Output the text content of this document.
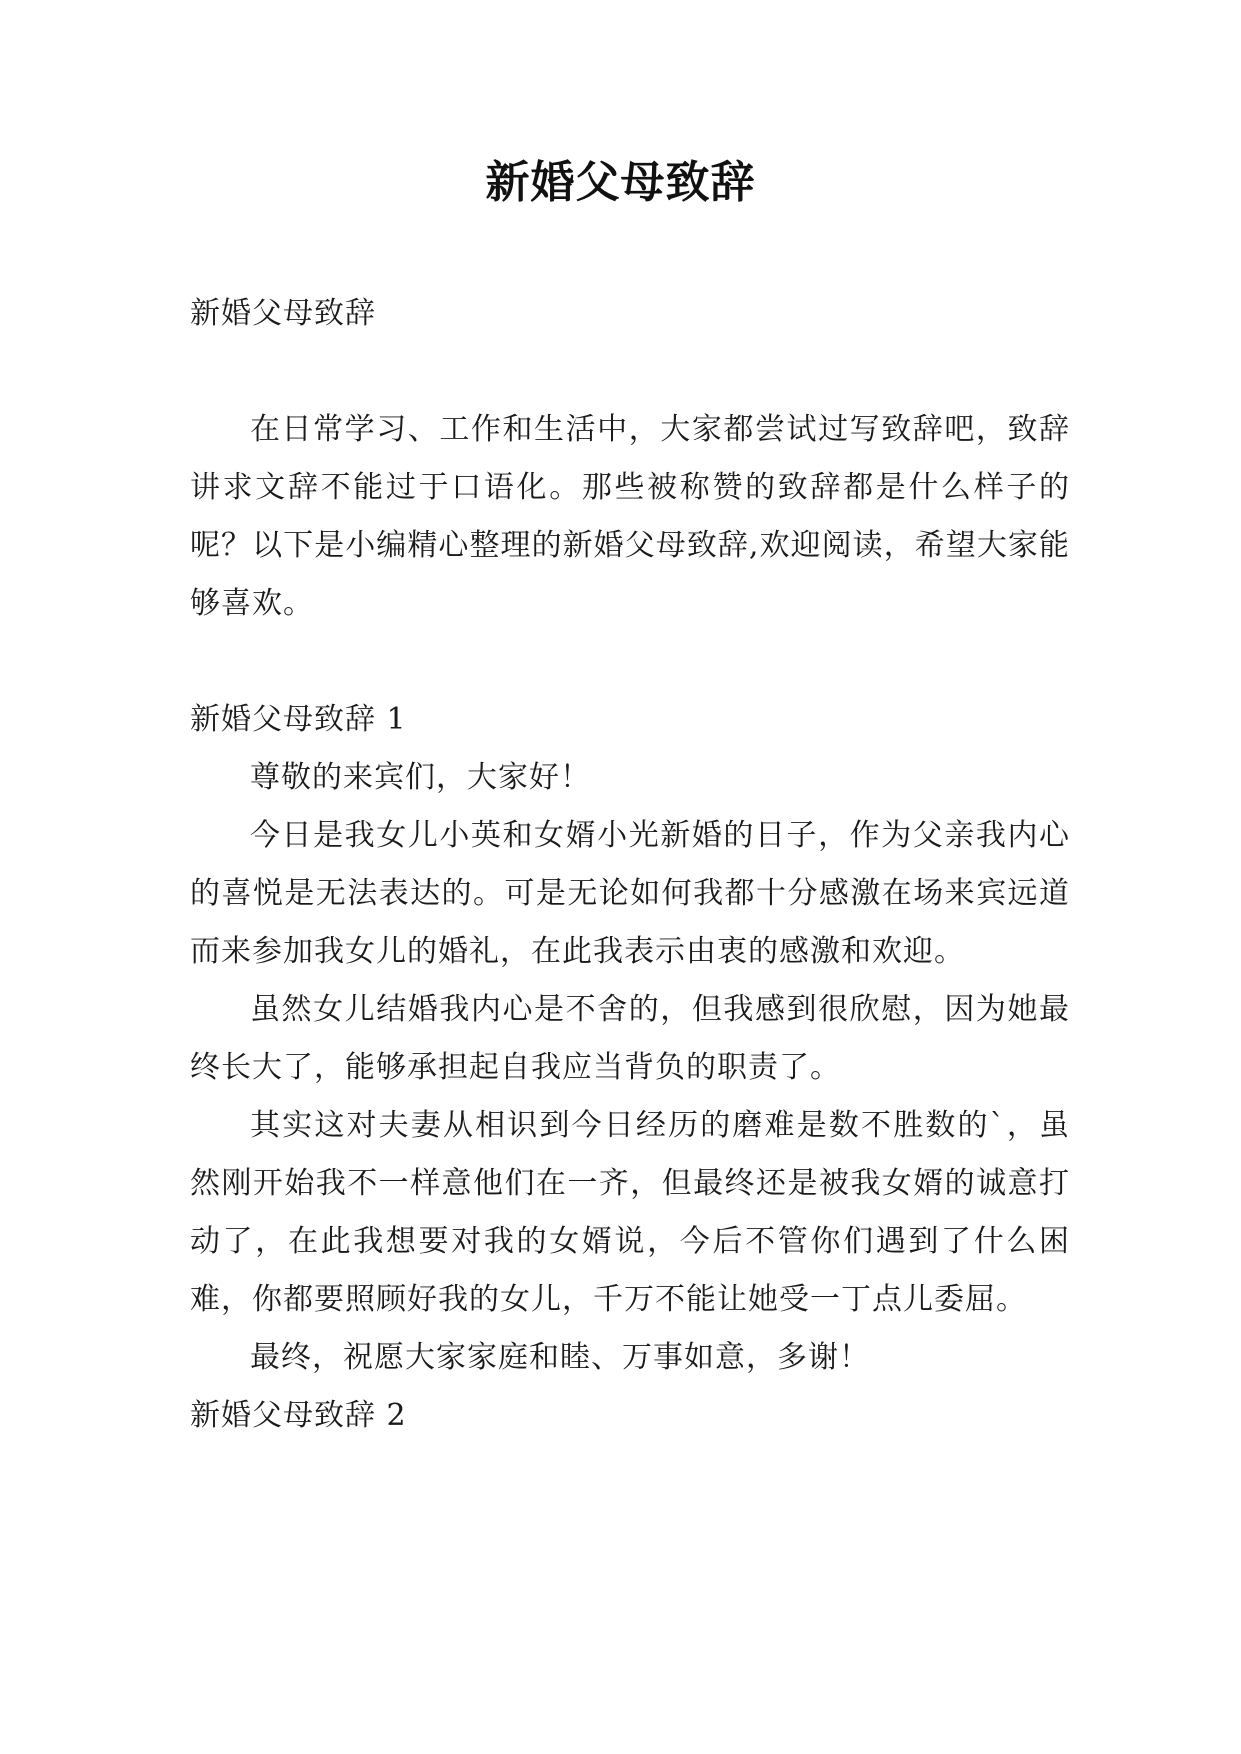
新婚父母致辞

新婚父母致辞

在日常学习、工作和生活中，大家都尝试过写致辞吧，致辞讲求文辞不能过于口语化。那些被称赞的致辞都是什么样子的呢？以下是小编精心整理的新婚父母致辞,欢迎阅读，希望大家能够喜欢。

新婚父母致辞 1

尊敬的来宾们，大家好！

今日是我女儿小英和女婿小光新婚的日子，作为父亲我内心的喜悦是无法表达的。可是无论如何我都十分感激在场来宾远道而来参加我女儿的婚礼，在此我表示由衷的感激和欢迎。

虽然女儿结婚我内心是不舍的，但我感到很欣慰，因为她最终长大了，能够承担起自我应当背负的职责了。

其实这对夫妻从相识到今日经历的磨难是数不胜数的`，虽然刚开始我不一样意他们在一齐，但最终还是被我女婿的诚意打动了，在此我想要对我的女婿说，今后不管你们遇到了什么困难，你都要照顾好我的女儿，千万不能让她受一丁点儿委屈。

最终，祝愿大家家庭和睦、万事如意，多谢！

新婚父母致辞 2
